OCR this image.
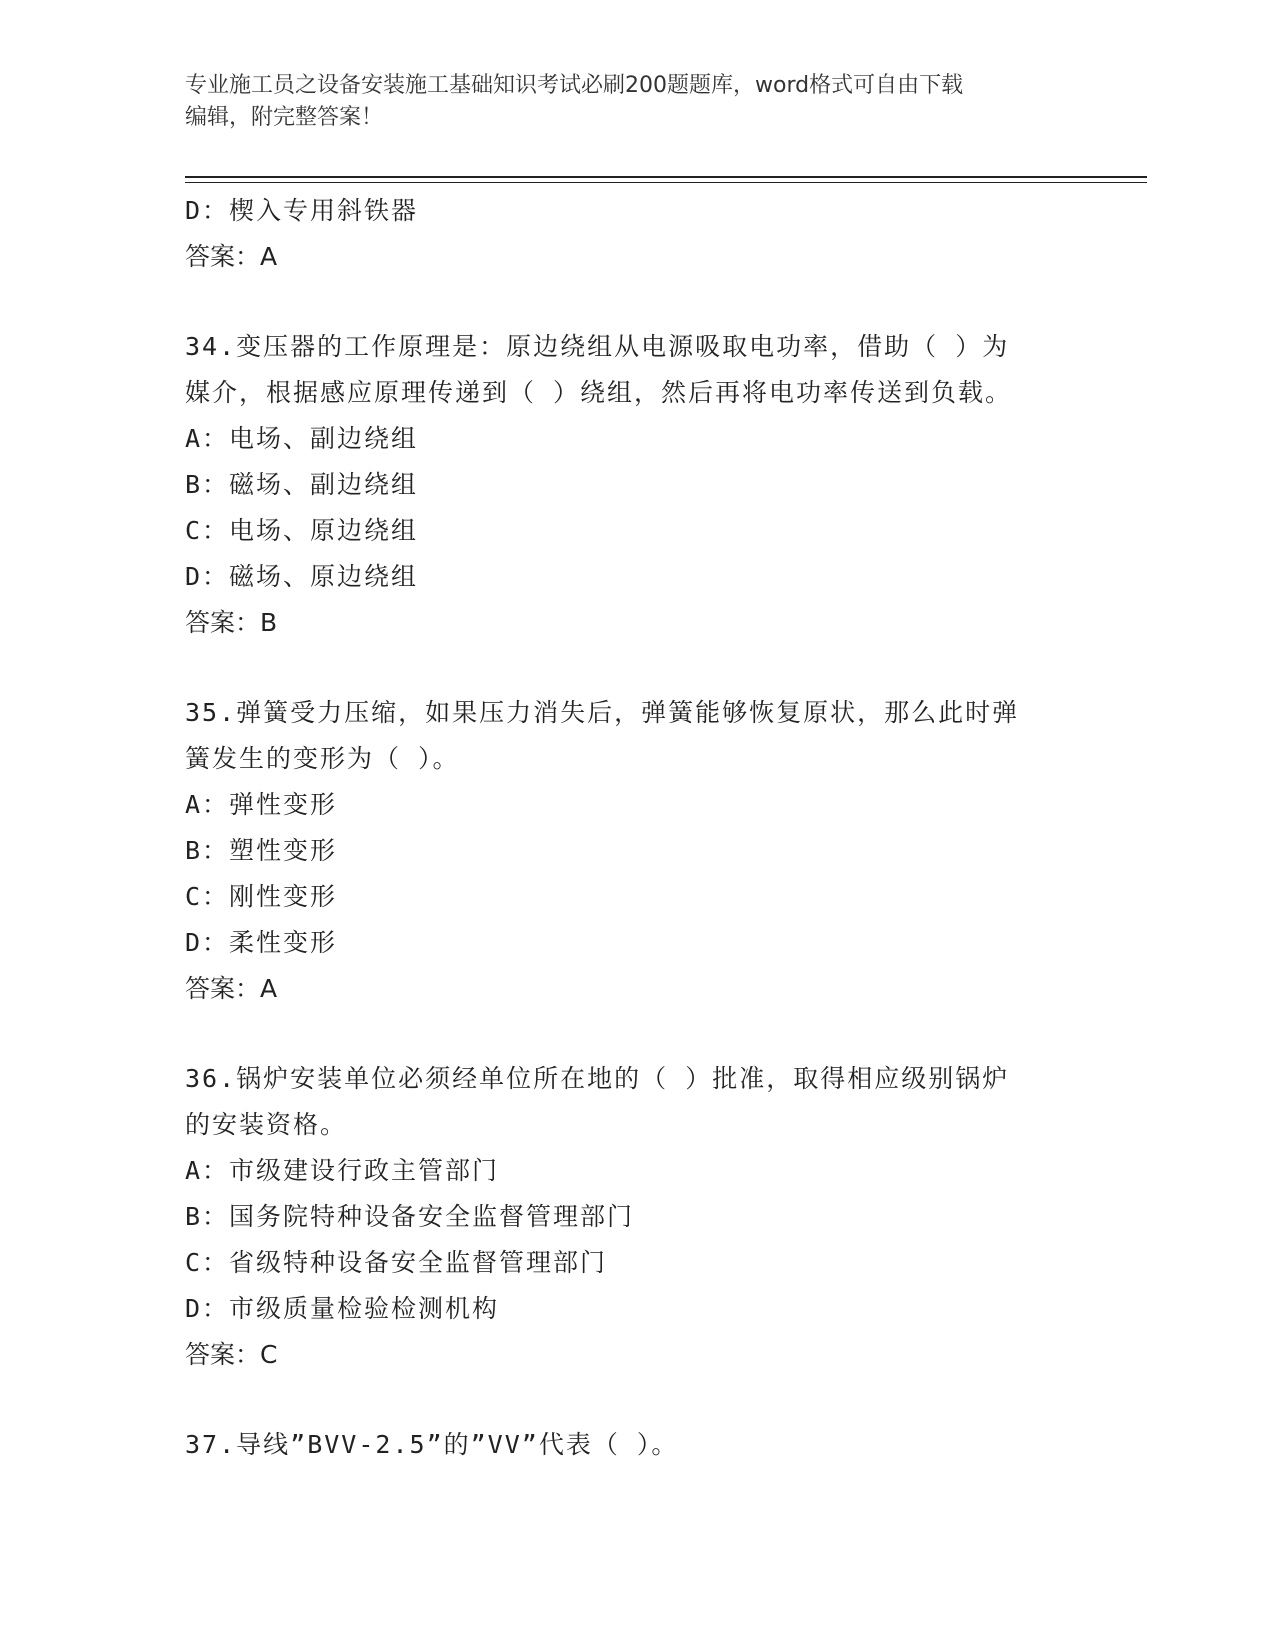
专业施工员之设备安装施工基础知识考试必刷200题题库，word格式可自由下载
编辑，附完整答案！
D：楔入专用斜铁器
答案：A
34.变压器的工作原理是：原边绕组从电源吸取电功率，借助（ ）为
媒介，根据感应原理传递到（ ）绕组，然后再将电功率传送到负载。
A：电场、副边绕组
B：磁场、副边绕组
C：电场、原边绕组
D：磁场、原边绕组
答案：B
35.弹簧受力压缩，如果压力消失后，弹簧能够恢复原状，那么此时弹
簧发生的变形为（ ）。
A：弹性变形
B：塑性变形
C：刚性变形
D：柔性变形
答案：A
36.锅炉安装单位必须经单位所在地的（ ）批准，取得相应级别锅炉
的安装资格。
A：市级建设行政主管部门
B：国务院特种设备安全监督管理部门
C：省级特种设备安全监督管理部门
D：市级质量检验检测机构
答案：C
37.导线”BVV-2.5”的”VV”代表（ ）。
